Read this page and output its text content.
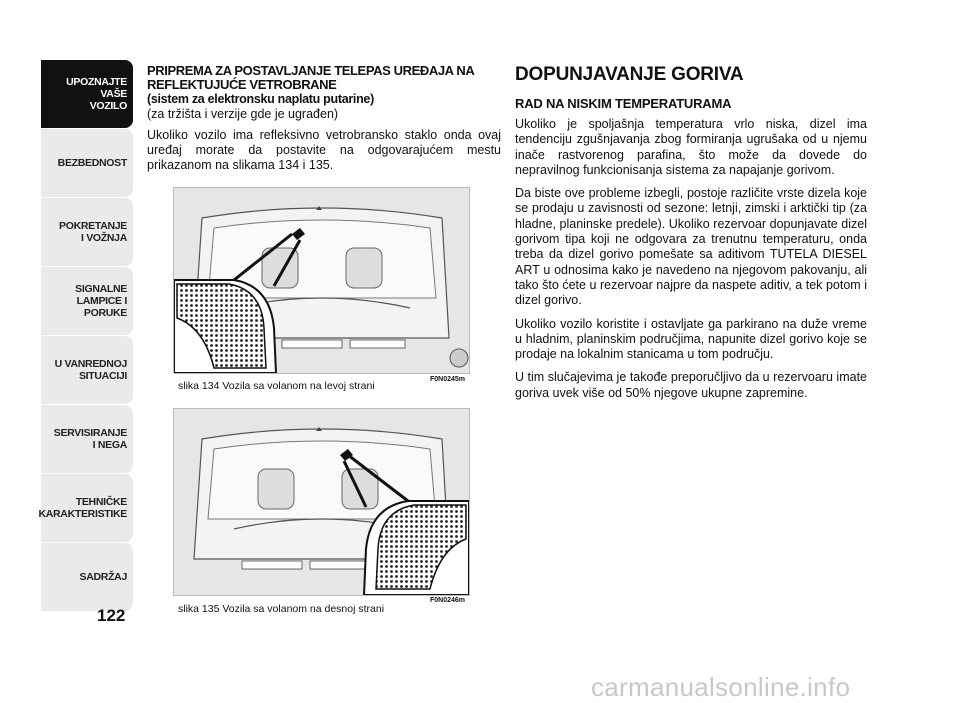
UPOZNAJTE
VAŠE
VOZILO
BEZBEDNOST
POKRETANJE
I VOŽNJA
SIGNALNE
LAMPICE I PORUKE
U VANREDNOJ
SITUACIJI
SERVISIRANJE
I NEGA
TEHNIČKE
KARAKTERISTIKE
SADRŽAJ
122

PRIPREMA ZA POSTAVLJANJE TELEPAS UREĐAJA NA REFLEKTUJUĆE VETROBRANE

(sistem za elektronsku naplatu putarine)

(za tržišta i verzije gde je ugrađen)

Ukoliko vozilo ima refleksivno vetrobransko staklo onda ovaj uređaj morate da postavite na odgovarajućem mestu prikazanom na slikama 134 i 135.

F0N0245m
slika 134 Vozila sa volanom na levoj strani
F0N0246m
slika 135 Vozila sa volanom na desnoj strani

DOPUNJAVANJE GORIVA

RAD NA NISKIM TEMPERATURAMA

Ukoliko je spoljašnja temperatura vrlo niska, dizel ima tendenciju zgušnjavanja zbog formiranja ugrušaka od u njemu inače rastvorenog parafina, što može da dovede do nepravilnog funkcionisanja sistema za napajanje gorivom.

Da biste ove probleme izbegli, postoje različite vrste dizela koje se prodaju u zavisnosti od sezone: letnji, zimski i arktički tip (za hladne, planinske predele). Ukoliko rezervoar dopunjavate dizel gorivom tipa koji ne odgovara za trenutnu temperaturu, onda treba da dizel gorivo pomešate sa aditivom TUTELA DIESEL ART u odnosima kako je navedeno na njegovom pakovanju, ali tako što ćete u rezervoar najpre da naspete aditiv, a tek potom i dizel gorivo.

Ukoliko vozilo koristite i ostavljate ga parkirano na duže vreme u hladnim, planinskim područjima, napunite dizel gorivo koje se prodaje na lokalnim stanicama u tom području.

U tim slučajevima je takođe preporučljivo da u rezervoaru imate goriva uvek više od 50% njegove ukupne zapremine.

carmanualsonline.info
